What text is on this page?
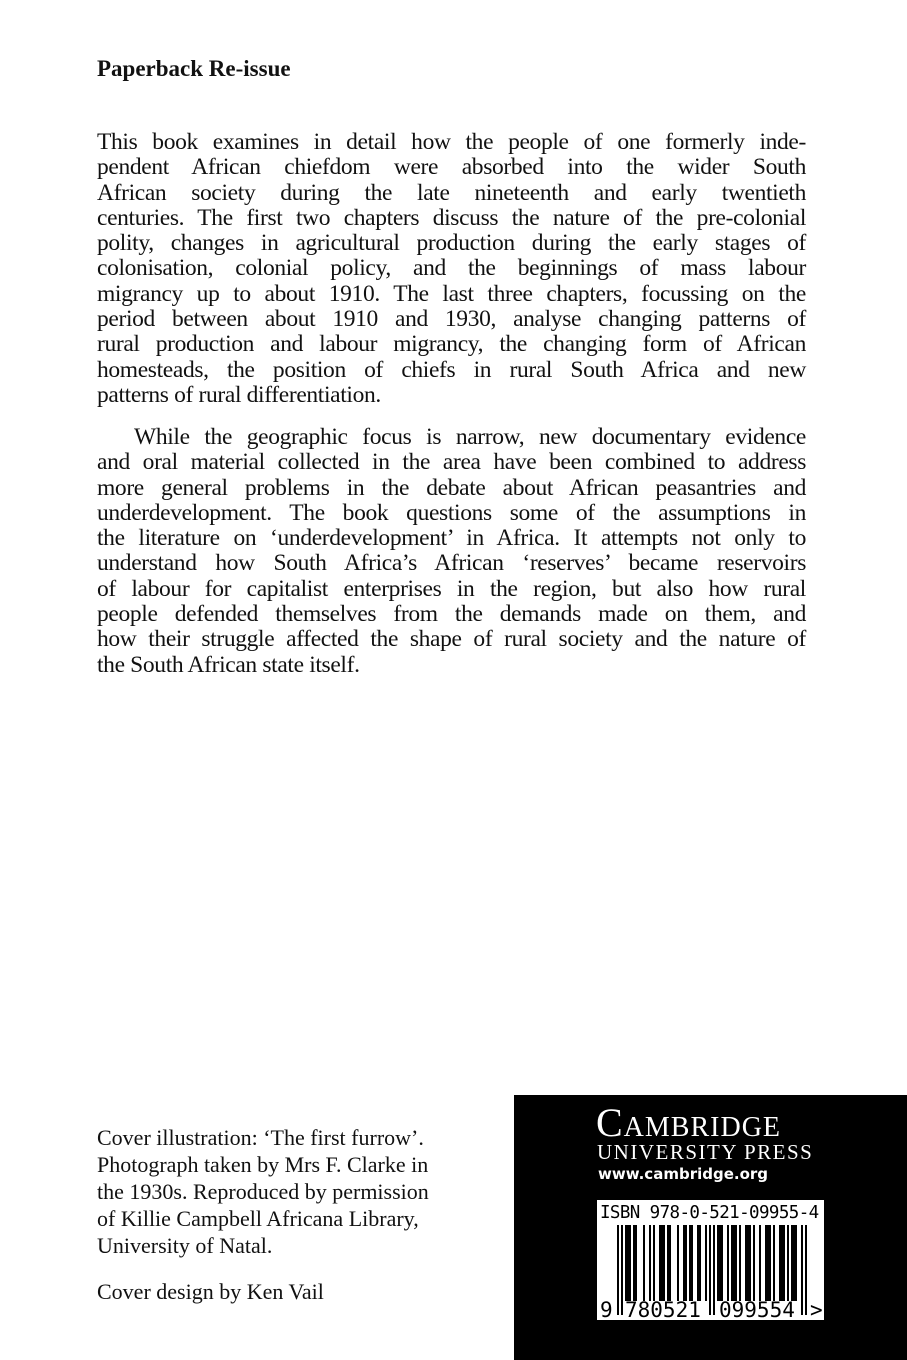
Paperback Re-issue
This book examines in detail how the people of one formerly inde-
pendent African chiefdom were absorbed into the wider South
African society during the late nineteenth and early twentieth
centuries. The first two chapters discuss the nature of the pre-colonial
polity, changes in agricultural production during the early stages of
colonisation, colonial policy, and the beginnings of mass labour
migrancy up to about 1910. The last three chapters, focussing on the
period between about 1910 and 1930, analyse changing patterns of
rural production and labour migrancy, the changing form of African
homesteads, the position of chiefs in rural South Africa and new
patterns of rural differentiation.
While the geographic focus is narrow, new documentary evidence
and oral material collected in the area have been combined to address
more general problems in the debate about African peasantries and
underdevelopment. The book questions some of the assumptions in
the literature on ‘underdevelopment’ in Africa. It attempts not only to
understand how South Africa’s African ‘reserves’ became reservoirs
of labour for capitalist enterprises in the region, but also how rural
people defended themselves from the demands made on them, and
how their struggle affected the shape of rural society and the nature of
the South African state itself.
Cover illustration: ‘The first furrow’.
Photograph taken by Mrs F. Clarke in
the 1930s. Reproduced by permission
of Killie Campbell Africana Library,
University of Natal.
Cover design by Ken Vail
Cambridge
UNIVERSITY PRESS
www.cambridge.org
9 780521 099554 >
ISBN 978-0-521-09955-4
